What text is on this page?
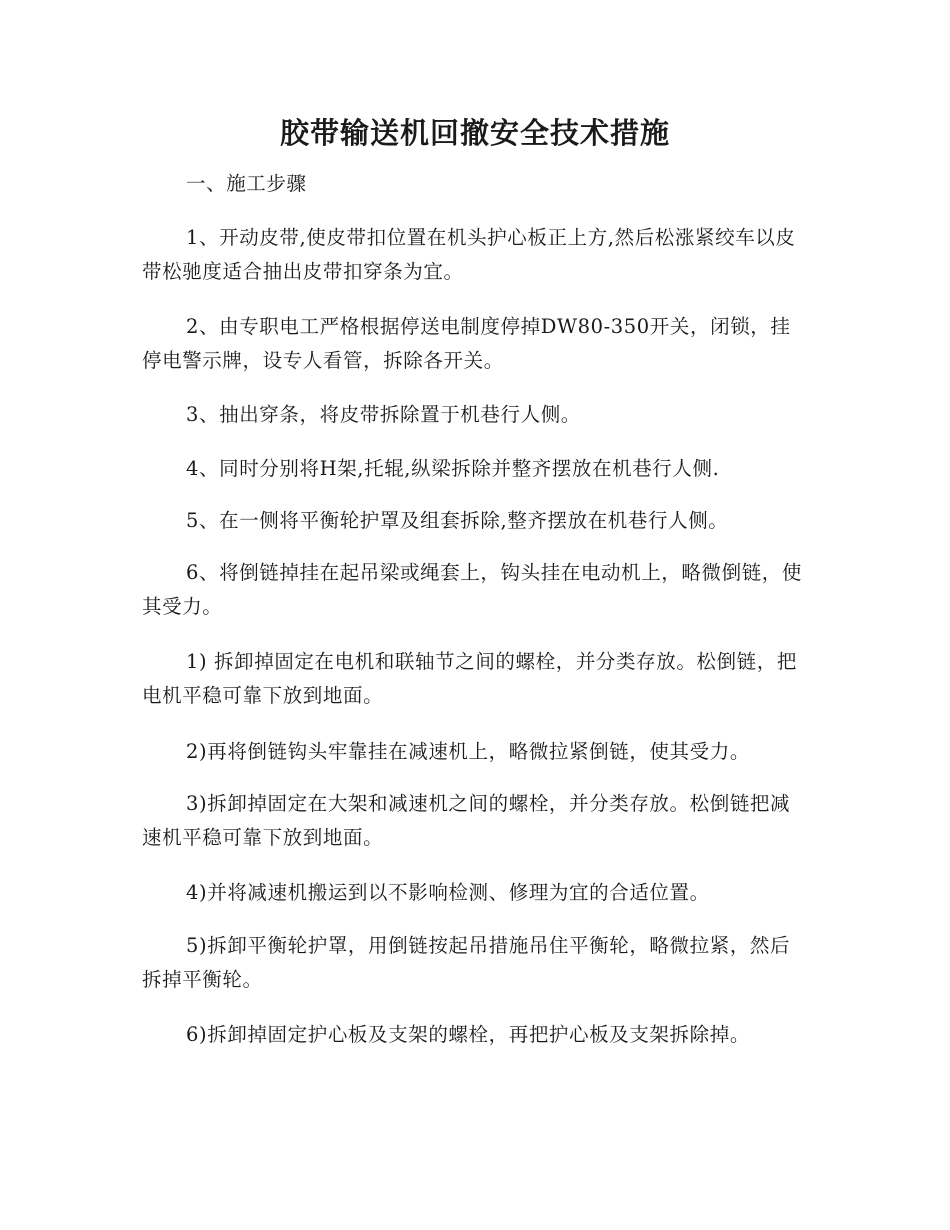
胶带输送机回撤安全技术措施

一、施工步骤

1、开动皮带,使皮带扣位置在机头护心板正上方,然后松涨紧绞车以皮带松驰度适合抽出皮带扣穿条为宜。

2、由专职电工严格根据停送电制度停掉DW80-350开关，闭锁，挂停电警示牌，设专人看管，拆除各开关。

3、抽出穿条，将皮带拆除置于机巷行人侧。

4、同时分别将H架,托辊,纵梁拆除并整齐摆放在机巷行人侧.

5、在一侧将平衡轮护罩及组套拆除,整齐摆放在机巷行人侧。

6、将倒链掉挂在起吊梁或绳套上，钩头挂在电动机上，略微倒链，使其受力。

1) 拆卸掉固定在电机和联轴节之间的螺栓，并分类存放。松倒链，把电机平稳可靠下放到地面。

2)再将倒链钩头牢靠挂在减速机上，略微拉紧倒链，使其受力。

3)拆卸掉固定在大架和减速机之间的螺栓，并分类存放。松倒链把减速机平稳可靠下放到地面。

4)并将减速机搬运到以不影响检测、修理为宜的合适位置。

5)拆卸平衡轮护罩，用倒链按起吊措施吊住平衡轮，略微拉紧，然后拆掉平衡轮。

6)拆卸掉固定护心板及支架的螺栓，再把护心板及支架拆除掉。
